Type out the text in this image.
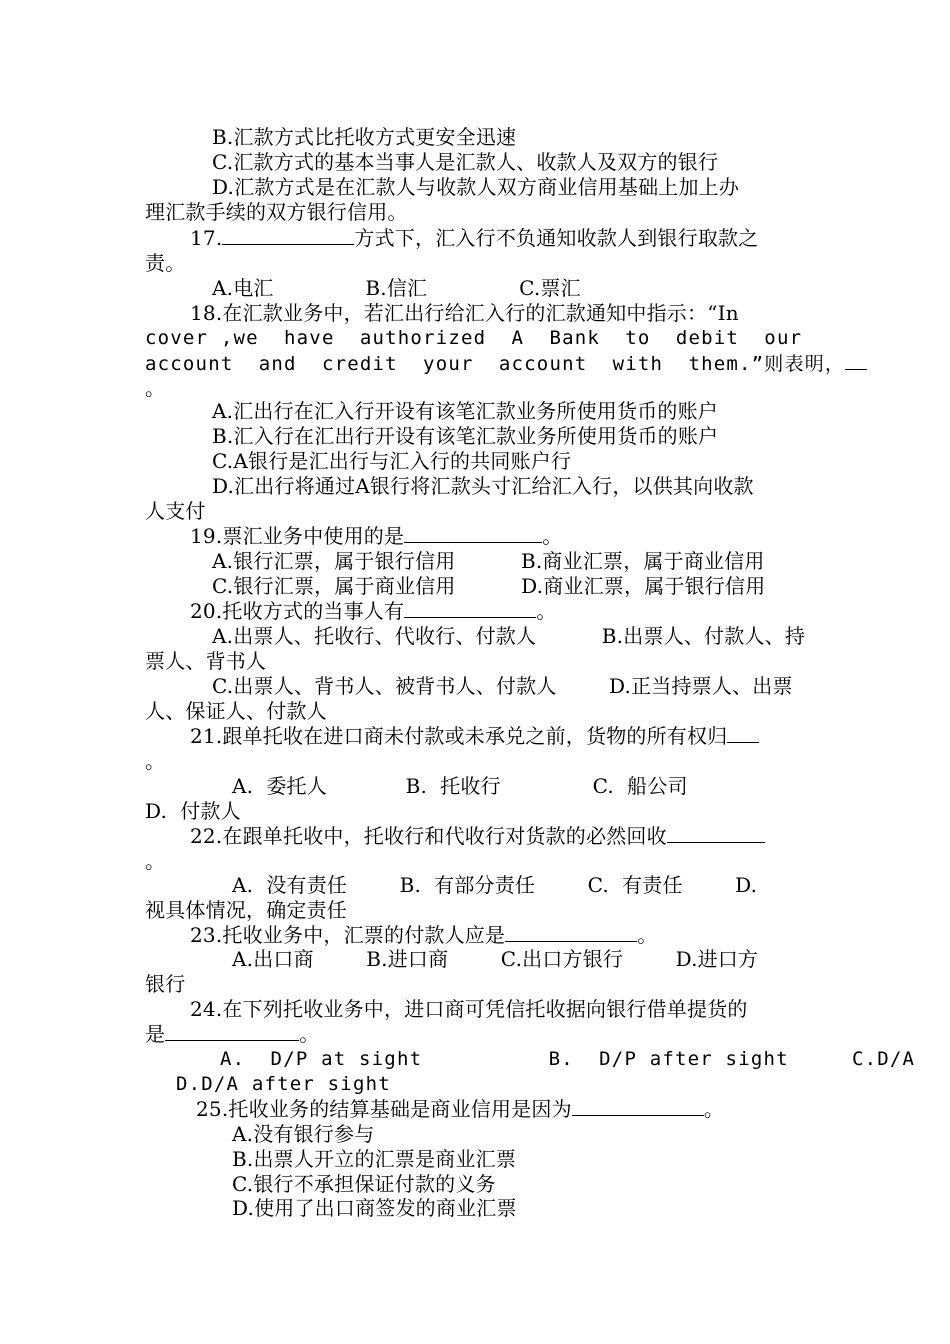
B.汇款方式比托收方式更安全迅速
C.汇款方式的基本当事人是汇款人、收款人及双方的银行
D.汇款方式是在汇款人与收款人双方商业信用基础上加上办
理汇款手续的双方银行信用。
17.	方式下，汇入行不负通知收款人到银行取款之
责。
A.电汇              B.信汇              C.票汇
18.在汇款业务中，若汇出行给汇入行的汇款通知中指示：“In
cover ,we  have  authorized  A  Bank  to  debit  our
account  and  credit  your  account  with  them.”则表明，
。
A.汇出行在汇入行开设有该笔汇款业务所使用货币的账户
B.汇入行在汇出行开设有该笔汇款业务所使用货币的账户
C.A银行是汇出行与汇入行的共同账户行
D.汇出行将通过A银行将汇款头寸汇给汇入行，以供其向收款
人支付
19.票汇业务中使用的是	。
A.银行汇票，属于银行信用          B.商业汇票，属于商业信用
C.银行汇票，属于商业信用          D.商业汇票，属于银行信用
20.托收方式的当事人有	。
A.出票人、托收行、代收行、付款人          B.出票人、付款人、持
票人、背书人
C.出票人、背书人、被背书人、付款人        D.正当持票人、出票
人、保证人、付款人
21.跟单托收在进口商未付款或未承兑之前，货物的所有权归
。
A.  委托人            B.  托收行              C.  船公司
D.  付款人
22.在跟单托收中，托收行和代收行对货款的必然回收
。
A.  没有责任        B.  有部分责任        C.  有责任        D.
视具体情况，确定责任
23.托收业务中，汇票的付款人应是	。
A.出口商        B.进口商        C.出口方银行        D.进口方
银行
24.在下列托收业务中，进口商可凭信托收据向银行借单提货的
是	。
A.  D/P at sight          B.  D/P after sight     C.D/A
D.D/A after sight
25.托收业务的结算基础是商业信用是因为	。
A.没有银行参与
B.出票人开立的汇票是商业汇票
C.银行不承担保证付款的义务
D.使用了出口商签发的商业汇票
